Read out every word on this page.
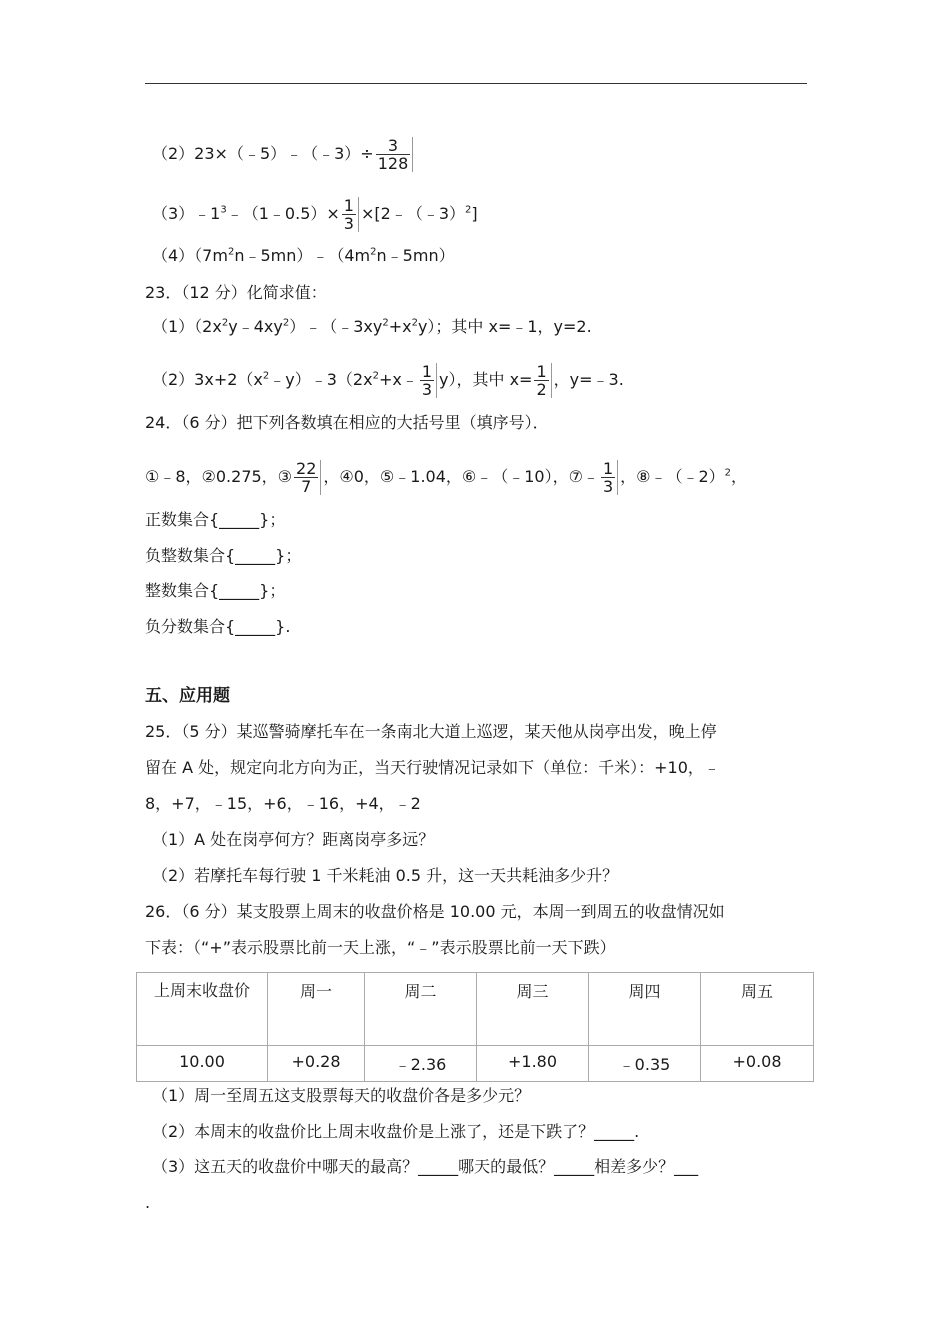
（2）23×（﹣5）﹣（﹣3）÷ $\frac{3}{128}$
$(3)﹣1^3﹣(1﹣0.5)\times \frac{1}{3}$ ×[2﹣（﹣3）$^2$]
$(4)(7m^2n﹣5mn)﹣(4m^2n﹣5mn)$
23．（12 分）化简求值：
$(1)(2x^2y﹣4xy^2)﹣(﹣3xy^2+x^2y)$；其中 x=﹣1，y=2.
$(2)3x+2(x^2﹣y)﹣3(2x^2+x﹣ \frac{1}{3} y)$，其中 $x= \frac{1}{2}$ ，y=﹣3.
24．（6 分）把下列各数填在相应的大括号里（填序号）．
①﹣8，②0.275，③ $\frac{22}{7}$ ，④0，⑤﹣1.04，⑥﹣（﹣10），⑦﹣ $\frac{1}{3}$ ，⑧﹣（﹣2）$^2$，
正数集合{_____}；
负整数集合{_____}；
整数集合{_____}；
负分数集合{_____}.
五、应用题
25．（5 分）某巡警骑摩托车在一条南北大道上巡逻，某天他从岗亭出发，晚上停
留在 A 处，规定向北方向为正，当天行驶情况记录如下（单位：千米）：+10，﹣
8，+7，﹣15，+6，﹣16，+4，﹣2
（1）A 处在岗亭何方？距离岗亭多远？
（2）若摩托车每行驶 1 千米耗油 0.5 升，这一天共耗油多少升？
26．（6 分）某支股票上周末的收盘价格是 10.00 元，本周一到周五的收盘情况如
下表：（“+”表示股票比前一天上涨，“﹣”表示股票比前一天下跌）
上周末收盘价	周一	周二	周三	周四	周五
10.00	+0.28	﹣2.36	+1.80	﹣0.35	+0.08
（1）周一至周五这支股票每天的收盘价各是多少元？
（2）本周末的收盘价比上周末收盘价是上涨了，还是下跌了？_____.
（3）这五天的收盘价中哪天的最高？_____哪天的最低？_____相差多少？___
.
